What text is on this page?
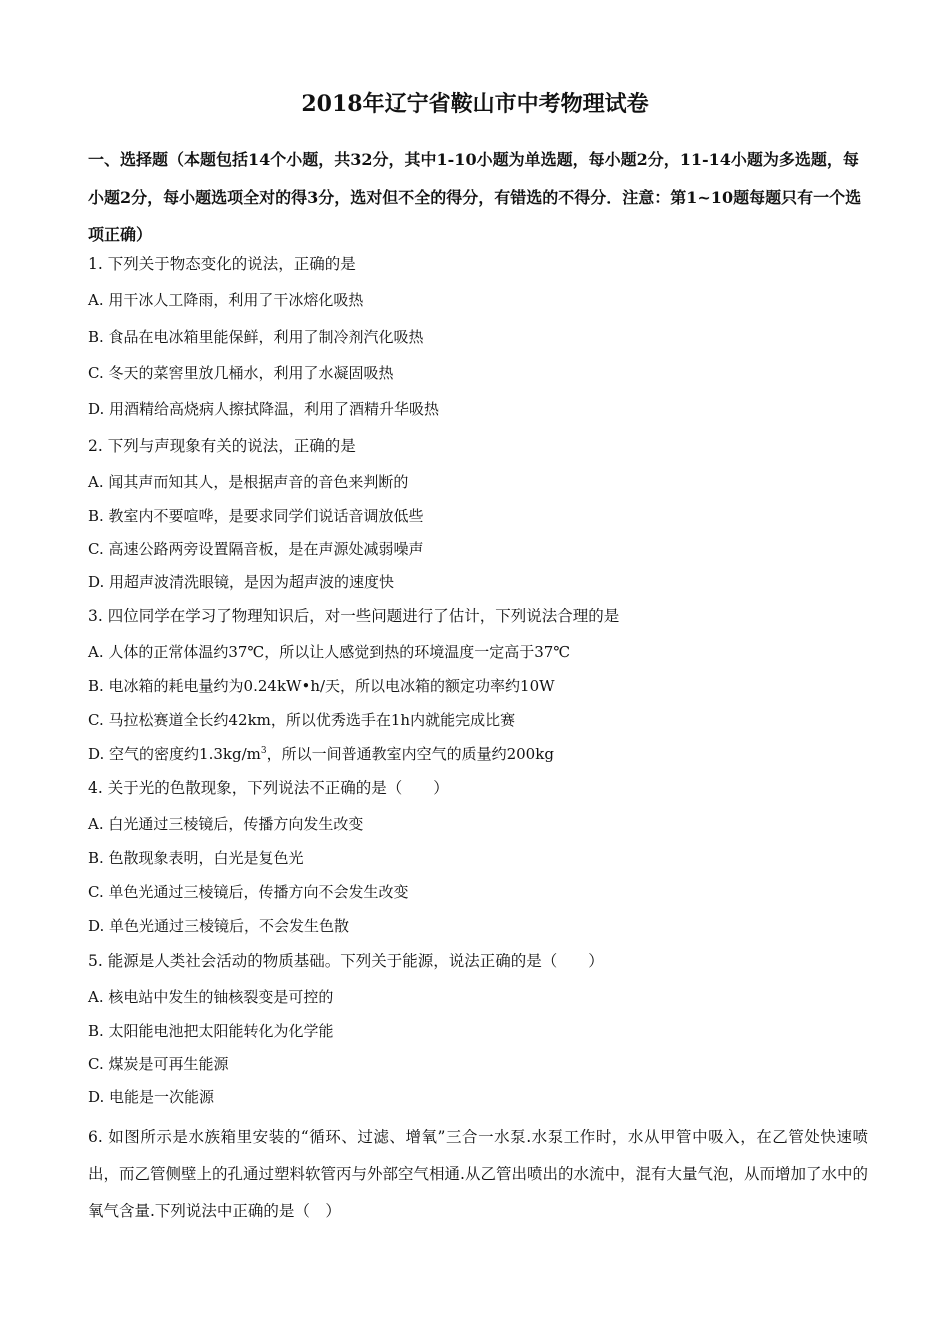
2018年辽宁省鞍山市中考物理试卷
一、选择题（本题包括14个小题，共32分，其中1-10小题为单选题，每小题2分，11-14小题为多选题，每小题2分，每小题选项全对的得3分，选对但不全的得分，有错选的不得分．注意：第1~10题每题只有一个选项正确）
1. 下列关于物态变化的说法，正确的是
A. 用干冰人工降雨，利用了干冰熔化吸热
B. 食品在电冰箱里能保鲜，利用了制冷剂汽化吸热
C. 冬天的菜窖里放几桶水，利用了水凝固吸热
D. 用酒精给高烧病人擦拭降温，利用了酒精升华吸热
2. 下列与声现象有关的说法，正确的是
A. 闻其声而知其人，是根据声音的音色来判断的
B. 教室内不要喧哗，是要求同学们说话音调放低些
C. 高速公路两旁设置隔音板，是在声源处减弱噪声
D. 用超声波清洗眼镜，是因为超声波的速度快
3. 四位同学在学习了物理知识后，对一些问题进行了估计，下列说法合理的是
A. 人体的正常体温约37℃，所以让人感觉到热的环境温度一定高于37℃
B. 电冰箱的耗电量约为0.24kW•h/天，所以电冰箱的额定功率约10W
C. 马拉松赛道全长约42km，所以优秀选手在1h内就能完成比赛
D. 空气的密度约$1.3kg/m^3$，所以一间普通教室内空气的质量约200kg
4. 关于光的色散现象，下列说法不正确的是（　　）
A. 白光通过三棱镜后，传播方向发生改变
B. 色散现象表明，白光是复色光
C. 单色光通过三棱镜后，传播方向不会发生改变
D. 单色光通过三棱镜后，不会发生色散
5. 能源是人类社会活动的物质基础。下列关于能源，说法正确的是（　　）
A. 核电站中发生的铀核裂变是可控的
B. 太阳能电池把太阳能转化为化学能
C. 煤炭是可再生能源
D. 电能是一次能源
6. 如图所示是水族箱里安装的“循环、过滤、增氧”三合一水泵.水泵工作时，水从甲管中吸入，在乙管处快速喷出，而乙管侧壁上的孔通过塑料软管丙与外部空气相通.从乙管出喷出的水流中，混有大量气泡，从而增加了水中的氧气含量.下列说法中正确的是（　）
